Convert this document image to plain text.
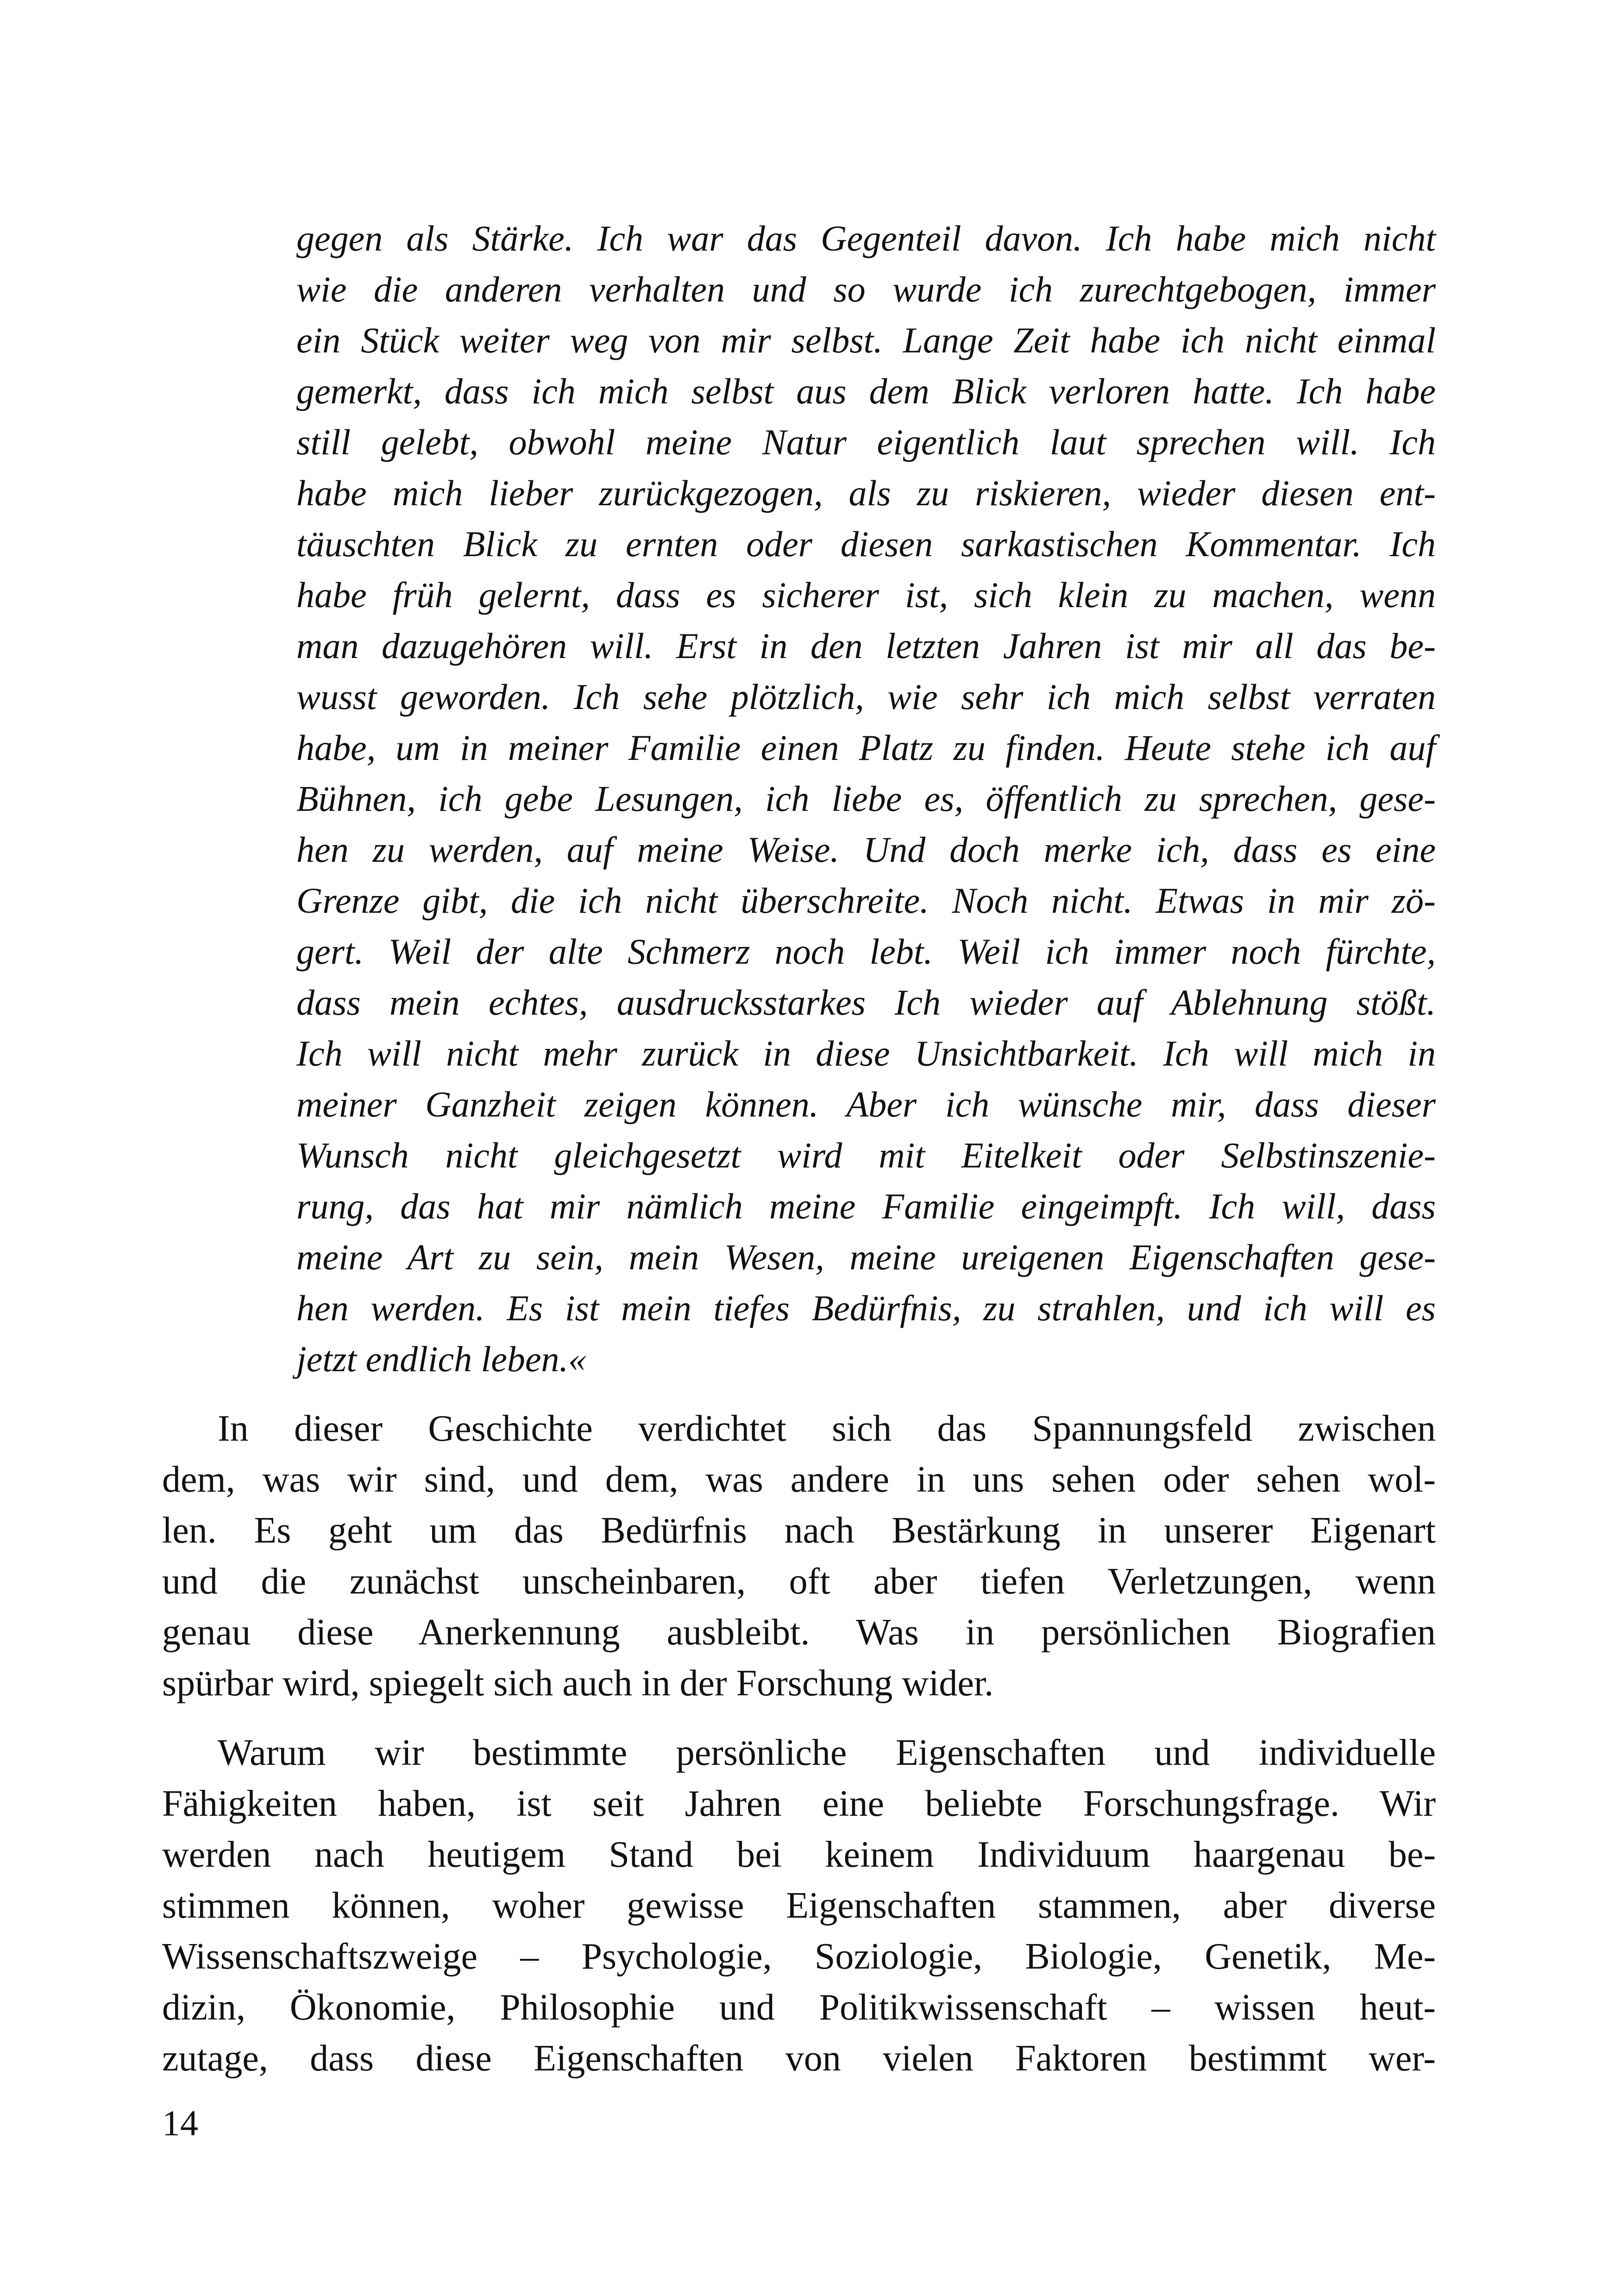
gegen als Stärke. Ich war das Gegenteil davon. Ich habe mich nicht

wie die anderen verhalten und so wurde ich zurechtgebogen, immer

ein Stück weiter weg von mir selbst. Lange Zeit habe ich nicht einmal

gemerkt, dass ich mich selbst aus dem Blick verloren hatte. Ich habe

still gelebt, obwohl meine Natur eigentlich laut sprechen will. Ich

habe mich lieber zurückgezogen, als zu riskieren, wieder diesen ent-

täuschten Blick zu ernten oder diesen sarkastischen Kommentar. Ich

habe früh gelernt, dass es sicherer ist, sich klein zu machen, wenn

man dazugehören will. Erst in den letzten Jahren ist mir all das be-

wusst geworden. Ich sehe plötzlich, wie sehr ich mich selbst verraten

habe, um in meiner Familie einen Platz zu finden. Heute stehe ich auf

Bühnen, ich gebe Lesungen, ich liebe es, öffentlich zu sprechen, gese-

hen zu werden, auf meine Weise. Und doch merke ich, dass es eine

Grenze gibt, die ich nicht überschreite. Noch nicht. Etwas in mir zö-

gert. Weil der alte Schmerz noch lebt. Weil ich immer noch fürchte,

dass mein echtes, ausdrucksstarkes Ich wieder auf Ablehnung stößt.

Ich will nicht mehr zurück in diese Unsichtbarkeit. Ich will mich in

meiner Ganzheit zeigen können. Aber ich wünsche mir, dass dieser

Wunsch nicht gleichgesetzt wird mit Eitelkeit oder Selbstinszenie-

rung, das hat mir nämlich meine Familie eingeimpft. Ich will, dass

meine Art zu sein, mein Wesen, meine ureigenen Eigenschaften gese-

hen werden. Es ist mein tiefes Bedürfnis, zu strahlen, und ich will es

jetzt endlich leben.«

In dieser Geschichte verdichtet sich das Spannungsfeld zwischen

dem, was wir sind, und dem, was andere in uns sehen oder sehen wol-

len. Es geht um das Bedürfnis nach Bestärkung in unserer Eigenart

und die zunächst unscheinbaren, oft aber tiefen Verletzungen, wenn

genau diese Anerkennung ausbleibt. Was in persönlichen Biografien

spürbar wird, spiegelt sich auch in der Forschung wider.

Warum wir bestimmte persönliche Eigenschaften und individuelle

Fähigkeiten haben, ist seit Jahren eine beliebte Forschungsfrage. Wir

werden nach heutigem Stand bei keinem Individuum haargenau be-

stimmen können, woher gewisse Eigenschaften stammen, aber diverse

Wissenschaftszweige – Psychologie, Soziologie, Biologie, Genetik, Me-

dizin, Ökonomie, Philosophie und Politikwissenschaft – wissen heut-

zutage, dass diese Eigenschaften von vielen Faktoren bestimmt wer-

14
